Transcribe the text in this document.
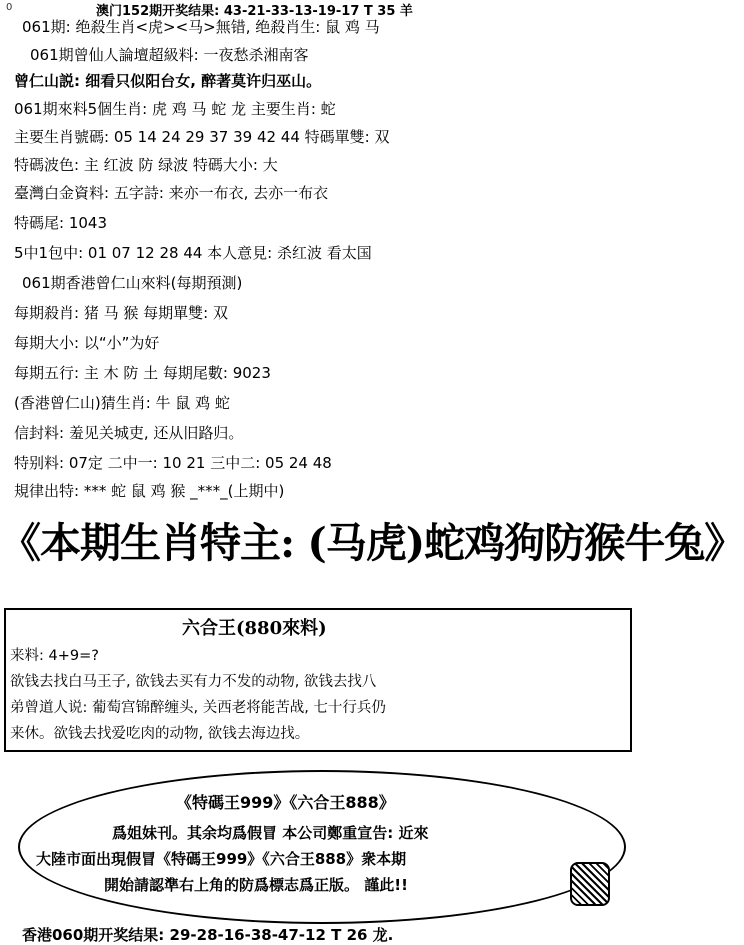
0	澳门152期开奖结果: 43-21-33-13-19-17 T 35 羊
061期: 绝殺生肖<虎><马>無错, 绝殺肖生: 鼠 鸡 马
061期曾仙人論壇超級料: 一夜愁杀湘南客
曾仁山説: 细看只似阳台女, 醉著莫许归巫山。
061期來料5個生肖: 虎 鸡 马 蛇 龙 主要生肖: 蛇
主要生肖號碼: 05 14 24 29 37 39 42 44 特碼單雙: 双
特碼波色: 主 红波 防 绿波 特碼大小: 大
臺灣白金資料: 五字詩: 来亦一布衣, 去亦一布衣
特碼尾: 1043
5中1包中: 01 07 12 28 44 本人意見: 杀红波 看太国
061期香港曾仁山來料(每期預測)
每期殺肖: 猪 马 猴 每期單雙: 双
每期大小: 以“小”为好
每期五行: 主 木 防 土 每期尾數: 9023
(香港曾仁山)猜生肖: 牛 鼠 鸡 蛇
信封料: 羞见关城吏, 还从旧路归。
特别料: 07定 二中一: 10 21 三中二: 05 24 48
規律出特: *** 蛇 鼠 鸡 猴 _***_(上期中)
《本期生肖特主: (马虎)蛇鸡狗防猴牛兔》
六合王(880來料)
来料: 4+9=?
欲钱去找白马王子, 欲钱去买有力不发的动物, 欲钱去找八
弟曾道人说: 葡萄宫锦醉缠头, 关西老将能苦战, 七十行兵仍
来休。欲钱去找爱吃肉的动物, 欲钱去海边找。
《特碼王999》《六合王888》
爲姐妹刊。其余均爲假冒 本公司鄭重宣告: 近來
大陸市面出現假冒《特碼王999》《六合王888》衆本期
開始請認準右上角的防爲標志爲正版。 謹此!!
香港060期开奖结果: 29-28-16-38-47-12 T 26 龙.
